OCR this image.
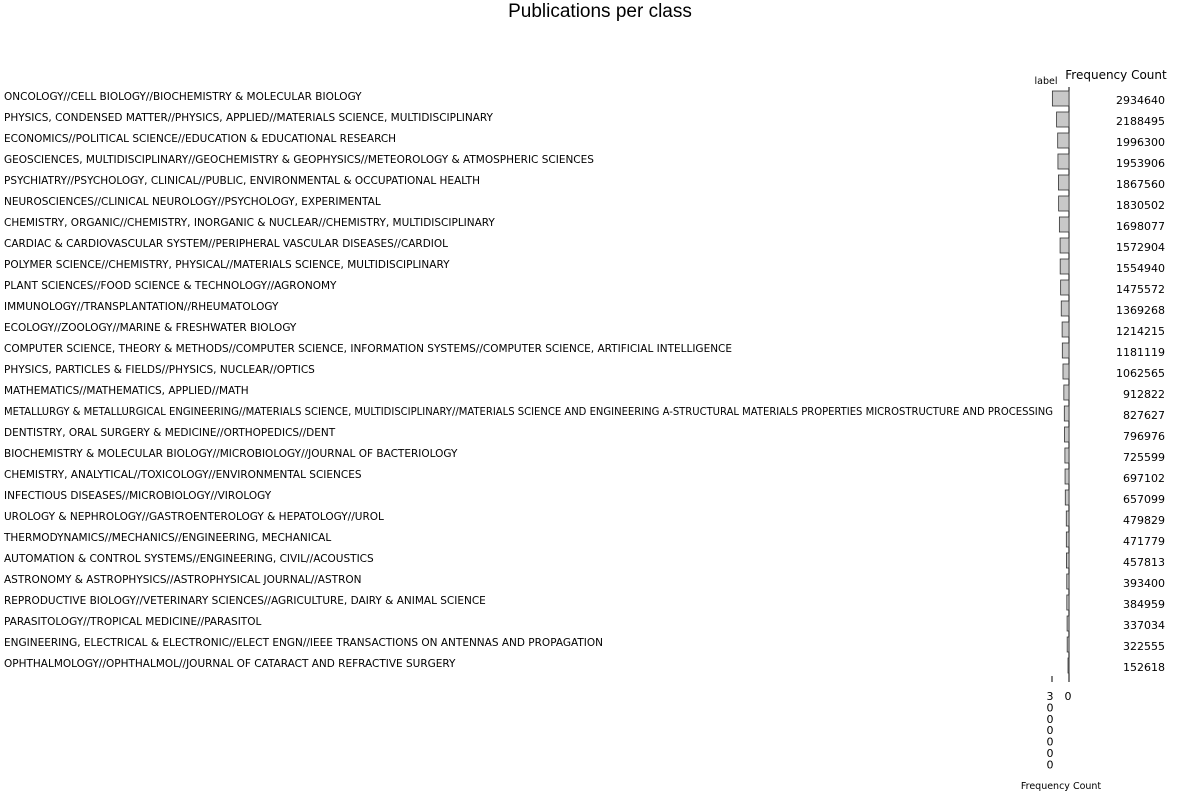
Publications per class
label Frequency Count
ONCOLOGY//CELL BIOLOGY//BIOCHEMISTRY & MOLECULAR BIOLOGY	2934640
PHYSICS, CONDENSED MATTER//PHYSICS, APPLIED//MATERIALS SCIENCE, MULTIDISCIPLINARY	2188495
ECONOMICS//POLITICAL SCIENCE//EDUCATION & EDUCATIONAL RESEARCH	1996300
GEOSCIENCES, MULTIDISCIPLINARY//GEOCHEMISTRY & GEOPHYSICS//METEOROLOGY & ATMOSPHERIC SCIENCES	1953906
PSYCHIATRY//PSYCHOLOGY, CLINICAL//PUBLIC, ENVIRONMENTAL & OCCUPATIONAL HEALTH	1867560
NEUROSCIENCES//CLINICAL NEUROLOGY//PSYCHOLOGY, EXPERIMENTAL	1830502
CHEMISTRY, ORGANIC//CHEMISTRY, INORGANIC & NUCLEAR//CHEMISTRY, MULTIDISCIPLINARY	1698077
CARDIAC & CARDIOVASCULAR SYSTEM//PERIPHERAL VASCULAR DISEASES//CARDIOL	1572904
POLYMER SCIENCE//CHEMISTRY, PHYSICAL//MATERIALS SCIENCE, MULTIDISCIPLINARY	1554940
PLANT SCIENCES//FOOD SCIENCE & TECHNOLOGY//AGRONOMY	1475572
IMMUNOLOGY//TRANSPLANTATION//RHEUMATOLOGY	1369268
ECOLOGY//ZOOLOGY//MARINE & FRESHWATER BIOLOGY	1214215
COMPUTER SCIENCE, THEORY & METHODS//COMPUTER SCIENCE, INFORMATION SYSTEMS//COMPUTER SCIENCE, ARTIFICIAL INTELLIGENCE	1181119
PHYSICS, PARTICLES & FIELDS//PHYSICS, NUCLEAR//OPTICS	1062565
MATHEMATICS//MATHEMATICS, APPLIED//MATH	912822
METALLURGY & METALLURGICAL ENGINEERING//MATERIALS SCIENCE, MULTIDISCIPLINARY//MATERIALS SCIENCE AND ENGINEERING A-STRUCTURAL MATERIALS PROPERTIES MICROSTRUCTURE AND PROCESSING	827627
DENTISTRY, ORAL SURGERY & MEDICINE//ORTHOPEDICS//DENT	796976
BIOCHEMISTRY & MOLECULAR BIOLOGY//MICROBIOLOGY//JOURNAL OF BACTERIOLOGY	725599
CHEMISTRY, ANALYTICAL//TOXICOLOGY//ENVIRONMENTAL SCIENCES	697102
INFECTIOUS DISEASES//MICROBIOLOGY//VIROLOGY	657099
UROLOGY & NEPHROLOGY//GASTROENTEROLOGY & HEPATOLOGY//UROL	479829
THERMODYNAMICS//MECHANICS//ENGINEERING, MECHANICAL	471779
AUTOMATION & CONTROL SYSTEMS//ENGINEERING, CIVIL//ACOUSTICS	457813
ASTRONOMY & ASTROPHYSICS//ASTROPHYSICAL JOURNAL//ASTRON	393400
REPRODUCTIVE BIOLOGY//VETERINARY SCIENCES//AGRICULTURE, DAIRY & ANIMAL SCIENCE	384959
PARASITOLOGY//TROPICAL MEDICINE//PARASITOL	337034
ENGINEERING, ELECTRICAL & ELECTRONIC//ELECT ENGN//IEEE TRANSACTIONS ON ANTENNAS AND PROPAGATION	322555
OPHTHALMOLOGY//OPHTHALMOL//JOURNAL OF CATARACT AND REFRACTIVE SURGERY	152618
3 0 0 0 0 0 0
0
Frequency Count
